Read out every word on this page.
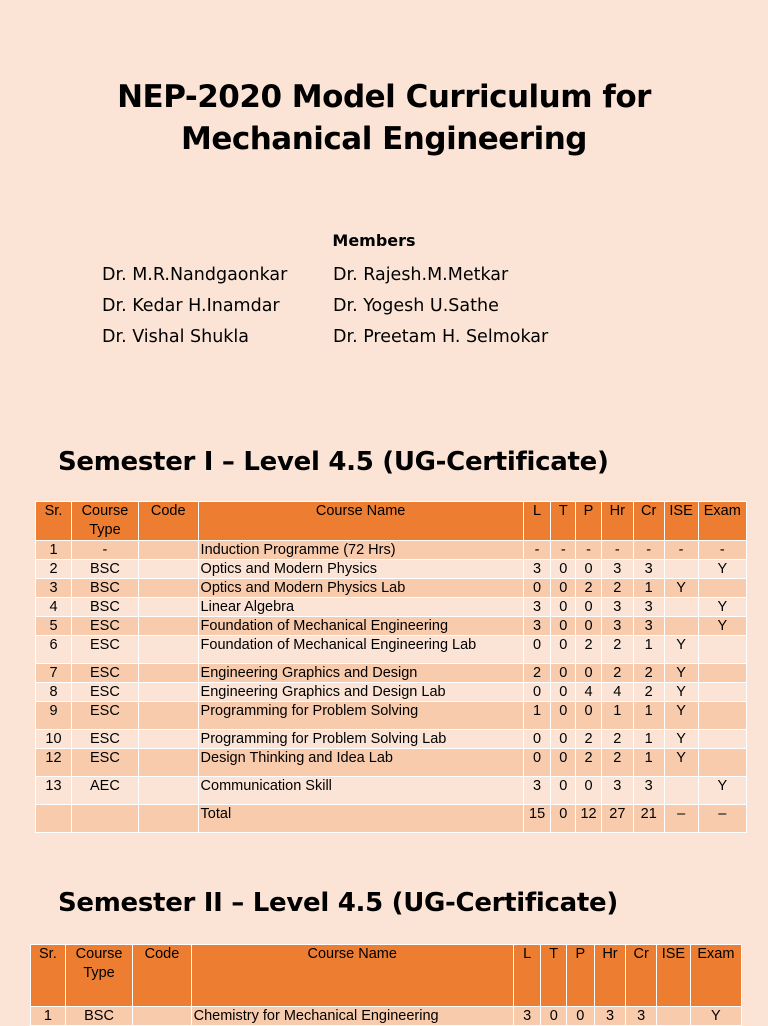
NEP-2020 Model Curriculum for
Mechanical Engineering
Members
Dr. M.R.Nandgaonkar
Dr. Kedar H.Inamdar
Dr. Vishal Shukla
Dr. Rajesh.M.Metkar
Dr. Yogesh U.Sathe
Dr. Preetam H. Selmokar
Semester I – Level 4.5 (UG-Certificate)
Sr.	Course Type	Code	Course Name	L	T	P	Hr	Cr	ISE	Exam
1	-		Induction Programme (72 Hrs)	-	-	-	-	-	-	-
2	BSC		Optics and Modern Physics	3	0	0	3	3		Y
3	BSC		Optics and Modern Physics Lab	0	0	2	2	1	Y	
4	BSC		Linear Algebra	3	0	0	3	3		Y
5	ESC		Foundation of Mechanical Engineering	3	0	0	3	3		Y
6	ESC		Foundation of Mechanical Engineering Lab	0	0	2	2	1	Y	
7	ESC		Engineering Graphics and Design	2	0	0	2	2	Y	
8	ESC		Engineering Graphics and Design Lab	0	0	4	4	2	Y	
9	ESC		Programming for Problem Solving	1	0	0	1	1	Y	
10	ESC		Programming for Problem Solving Lab	0	0	2	2	1	Y	
12	ESC		Design Thinking and Idea Lab	0	0	2	2	1	Y	
13	AEC		Communication Skill	3	0	0	3	3		Y
			Total	15	0	12	27	21	–	–
Semester II – Level 4.5 (UG-Certificate)
Sr.	Course Type	Code	Course Name	L	T	P	Hr	Cr	ISE	Exam
1	BSC		Chemistry for Mechanical Engineering	3	0	0	3	3		Y
